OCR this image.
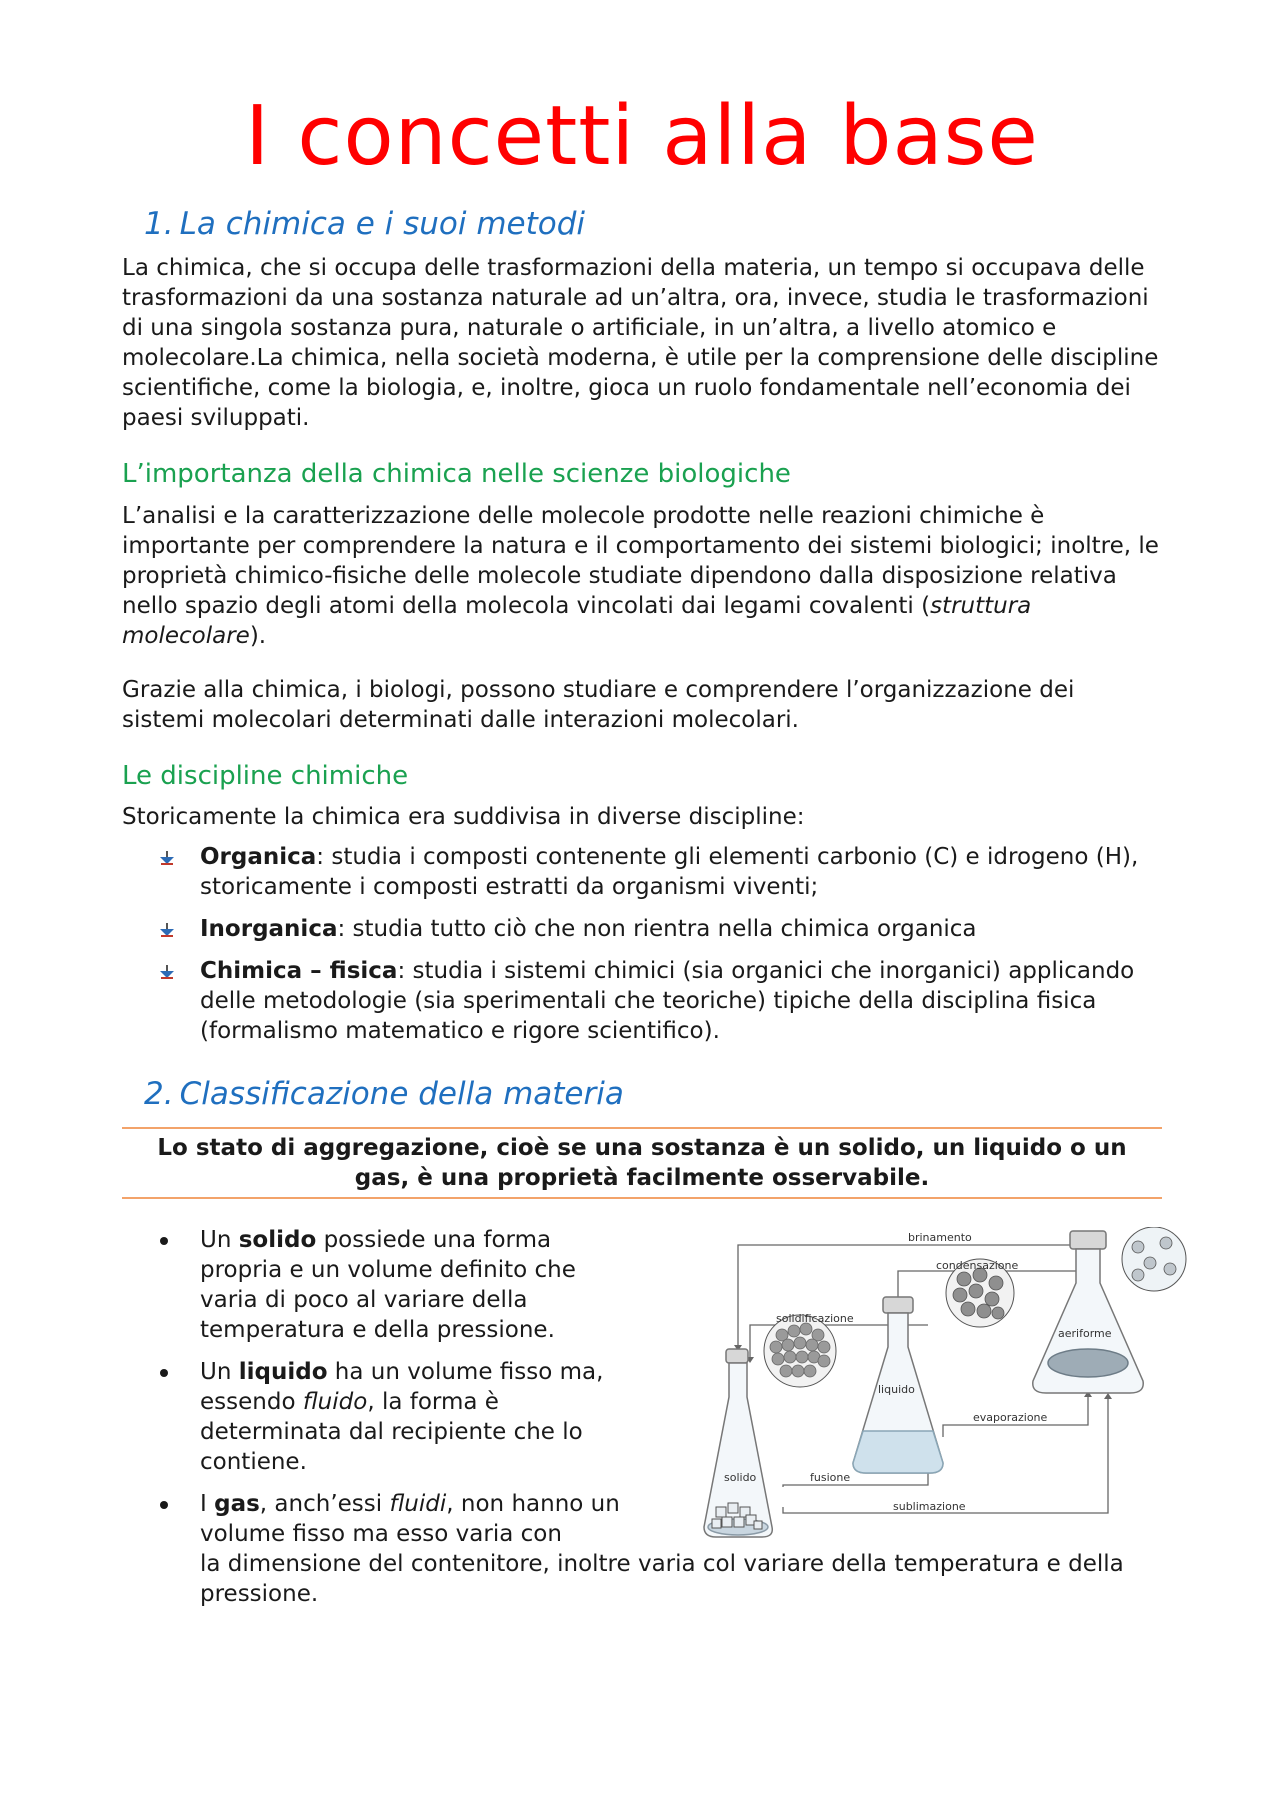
I concetti alla base
1. La chimica e i suoi metodi

La chimica, che si occupa delle trasformazioni della materia, un tempo si occupava delle trasformazioni da una sostanza naturale ad un’altra, ora, invece, studia le trasformazioni di una singola sostanza pura, naturale o artificiale, in un’altra, a livello atomico e molecolare.La chimica, nella società moderna, è utile per la comprensione delle discipline scientifiche, come la biologia, e, inoltre, gioca un ruolo fondamentale nell’economia dei paesi sviluppati.

L’importanza della chimica nelle scienze biologiche

L’analisi e la caratterizzazione delle molecole prodotte nelle reazioni chimiche è importante per comprendere la natura e il comportamento dei sistemi biologici; inoltre, le proprietà chimico-fisiche delle molecole studiate dipendono dalla disposizione relativa nello spazio degli atomi della molecola vincolati dai legami covalenti (struttura molecolare).

Grazie alla chimica, i biologi, possono studiare e comprendere l’organizzazione dei sistemi molecolari determinati dalle interazioni molecolari.

Le discipline chimiche

Storicamente la chimica era suddivisa in diverse discipline:

Organica: studia i composti contenente gli elementi carbonio (C) e idrogeno (H), storicamente i composti estratti da organismi viventi;
Inorganica: studia tutto ciò che non rientra nella chimica organica
Chimica – fisica: studia i sistemi chimici (sia organici che inorganici) applicando delle metodologie (sia sperimentali che teoriche) tipiche della disciplina fisica (formalismo matematico e rigore scientifico).
2. Classificazione della materia
Lo stato di aggregazione, cioè se una sostanza è un solido, un liquido o un gas, è una proprietà facilmente osservabile.
Un solido possiede una forma propria e un volume definito che varia di poco al variare della temperatura e della pressione.
Un liquido ha un volume fisso ma, essendo fluido, la forma è determinata dal recipiente che lo contiene.
I gas, anch’essi fluidi, non hanno un volume fisso ma esso varia con
la dimensione del contenitore, inoltre varia col variare della temperatura e della pressione.
brinamento
condensazione
solidificazione
aeriforme
liquido
evaporazione
solido	fusione
sublimazione
